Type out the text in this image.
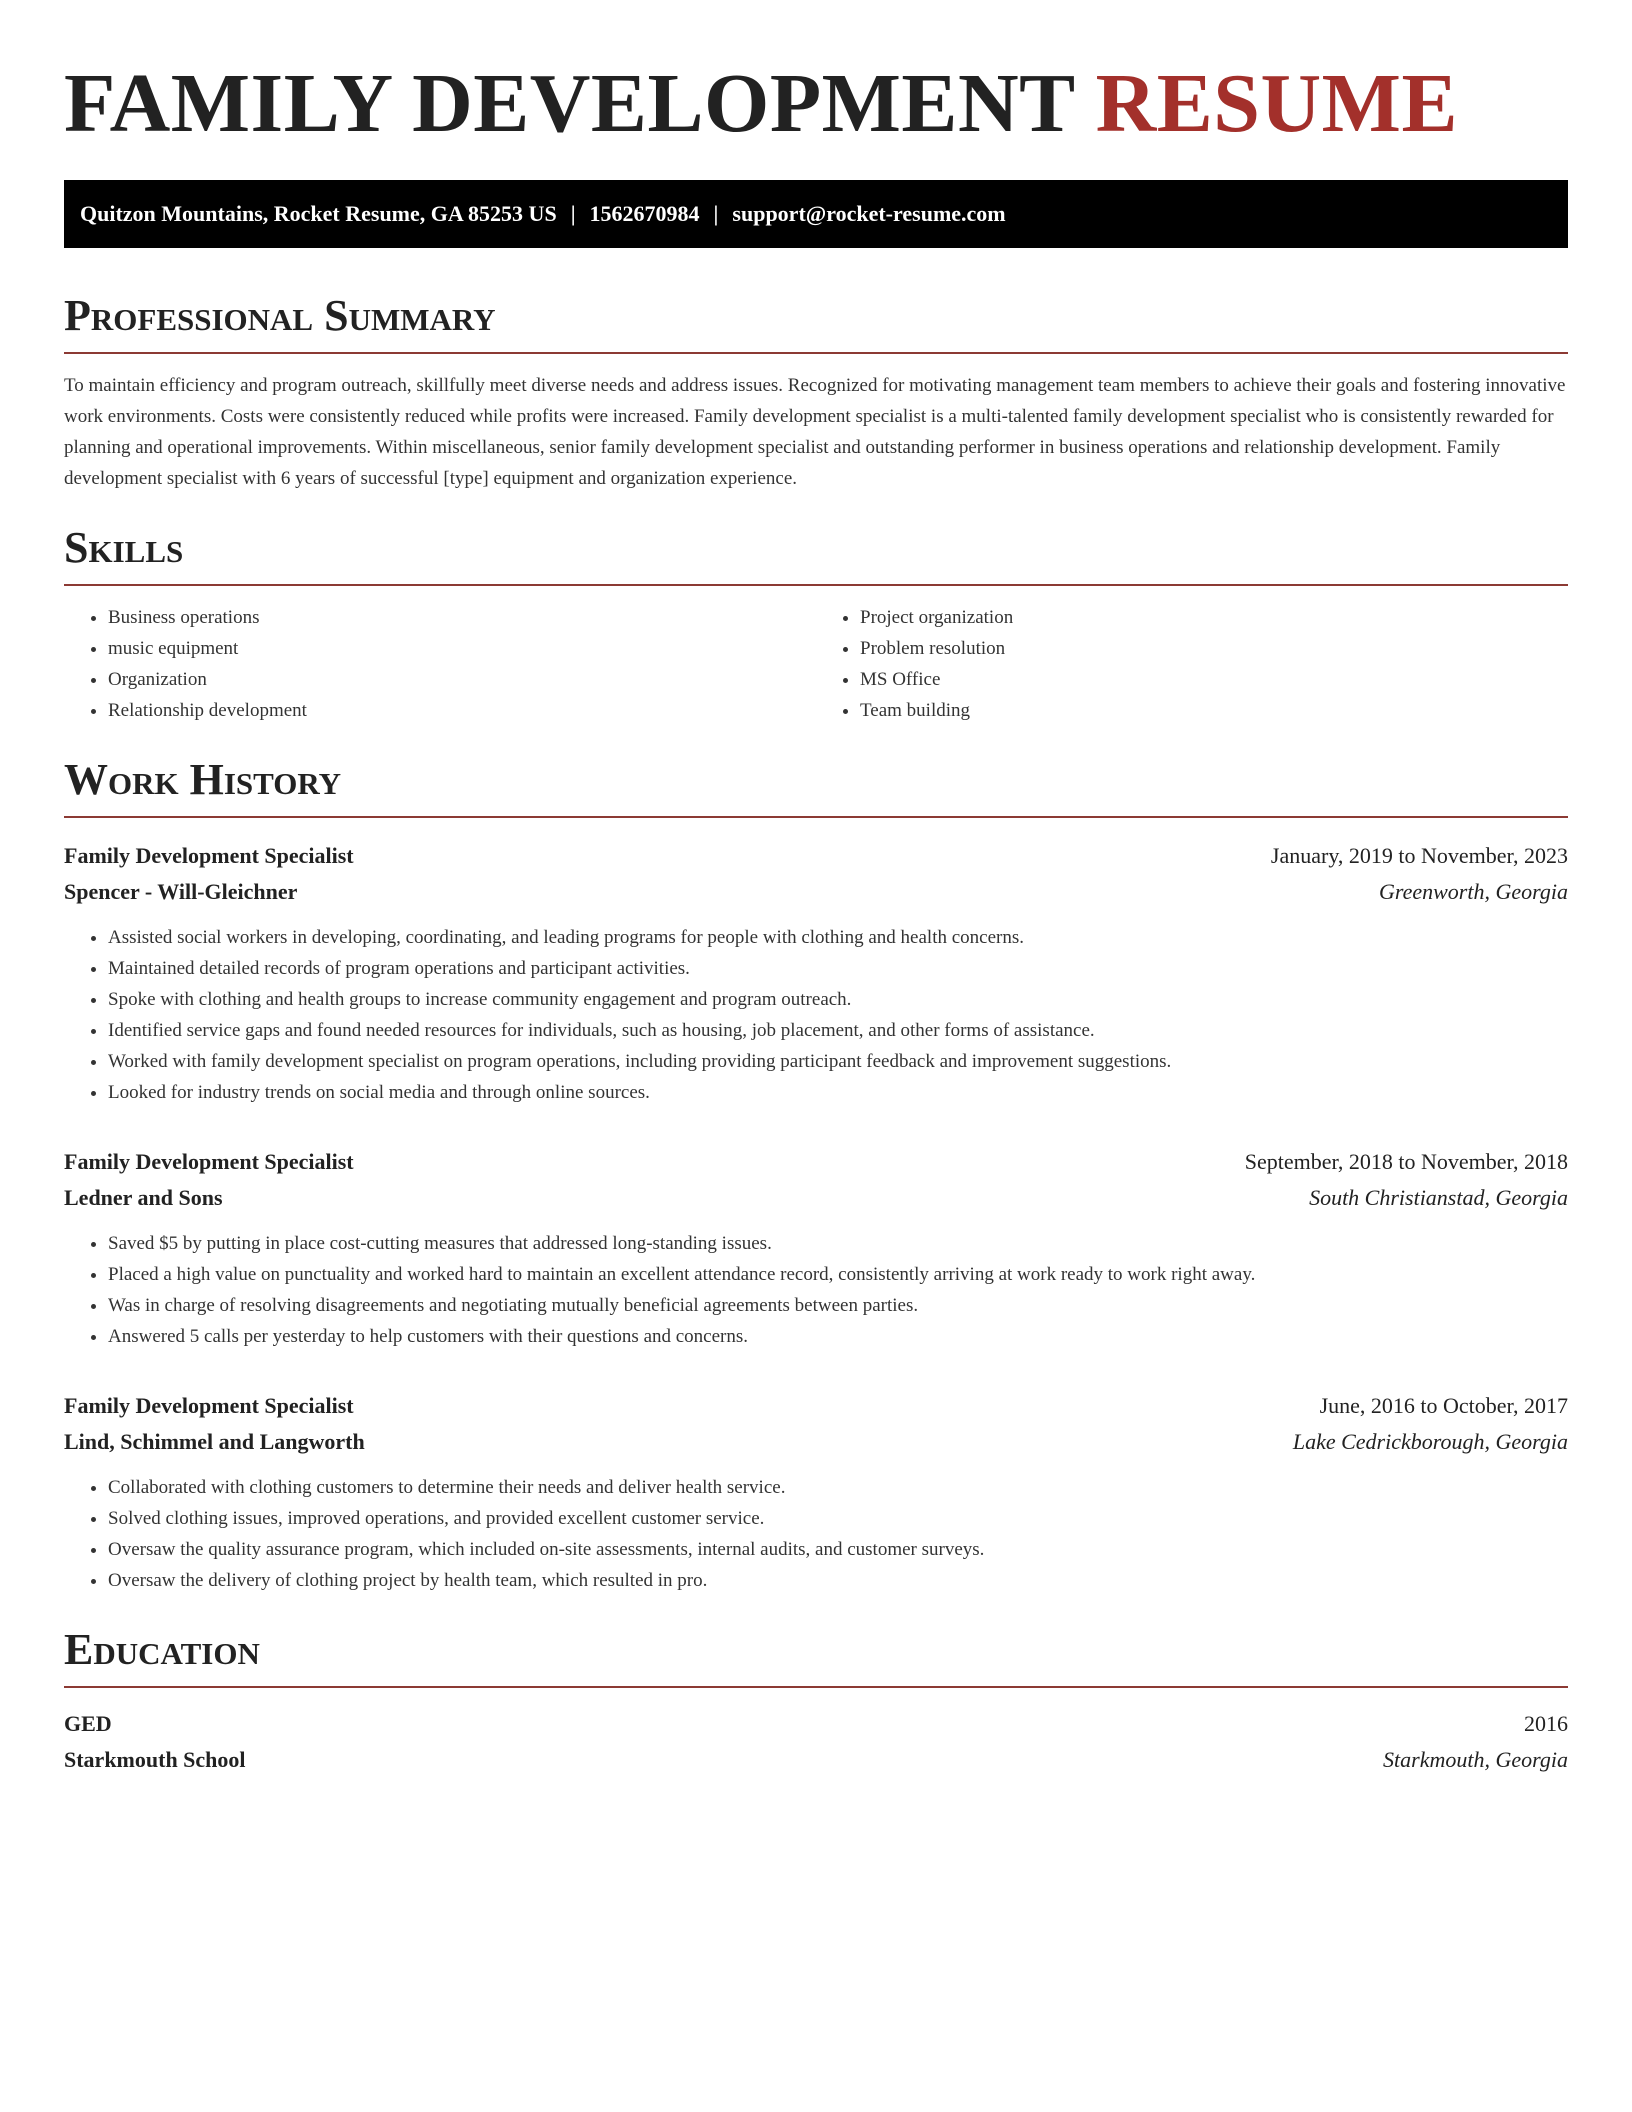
FAMILY DEVELOPMENT RESUME
Quitzon Mountains, Rocket Resume, GA 85253 US | 1562670984 | support@rocket-resume.com
Professional Summary

To maintain efficiency and program outreach, skillfully meet diverse needs and address issues. Recognized for motivating management team members to achieve their goals and fostering innovative work environments. Costs were consistently reduced while profits were increased. Family development specialist is a multi-talented family development specialist who is consistently rewarded for planning and operational improvements. Within miscellaneous, senior family development specialist and outstanding performer in business operations and relationship development. Family development specialist with 6 years of successful [type] equipment and organization experience.

Skills
• Business operations
• music equipment
• Organization
• Relationship development
• Project organization
• Problem resolution
• MS Office
• Team building
Work History
Family Development Specialist	January, 2019 to November, 2023
Spencer - Will-Gleichner	Greenworth, Georgia
• Assisted social workers in developing, coordinating, and leading programs for people with clothing and health concerns.
• Maintained detailed records of program operations and participant activities.
• Spoke with clothing and health groups to increase community engagement and program outreach.
• Identified service gaps and found needed resources for individuals, such as housing, job placement, and other forms of assistance.
• Worked with family development specialist on program operations, including providing participant feedback and improvement suggestions.
• Looked for industry trends on social media and through online sources.
Family Development Specialist	September, 2018 to November, 2018
Ledner and Sons	South Christianstad, Georgia
• Saved $5 by putting in place cost-cutting measures that addressed long-standing issues.
• Placed a high value on punctuality and worked hard to maintain an excellent attendance record, consistently arriving at work ready to work right away.
• Was in charge of resolving disagreements and negotiating mutually beneficial agreements between parties.
• Answered 5 calls per yesterday to help customers with their questions and concerns.
Family Development Specialist	June, 2016 to October, 2017
Lind, Schimmel and Langworth	Lake Cedrickborough, Georgia
• Collaborated with clothing customers to determine their needs and deliver health service.
• Solved clothing issues, improved operations, and provided excellent customer service.
• Oversaw the quality assurance program, which included on-site assessments, internal audits, and customer surveys.
• Oversaw the delivery of clothing project by health team, which resulted in pro.
Education
GED	2016
Starkmouth School	Starkmouth, Georgia
